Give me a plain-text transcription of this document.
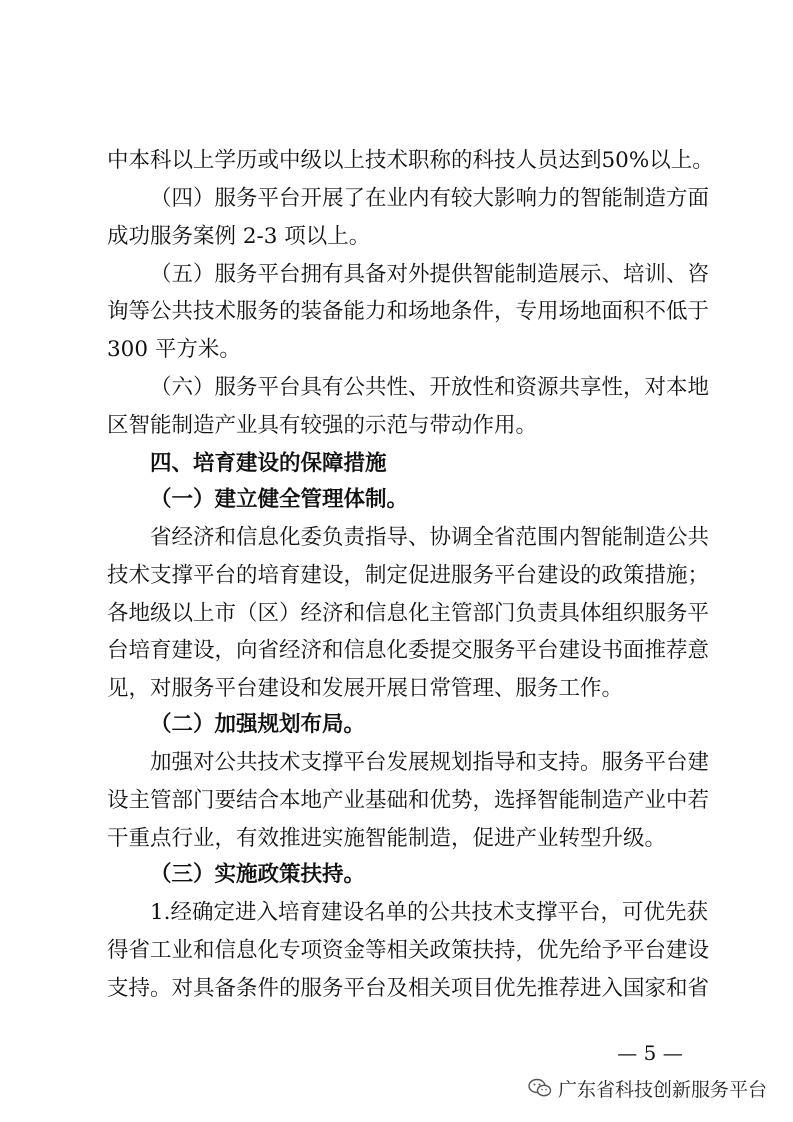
中本科以上学历或中级以上技术职称的科技人员达到50%以上。
（四）服务平台开展了在业内有较大影响力的智能制造方面
成功服务案例 2-3 项以上。
（五）服务平台拥有具备对外提供智能制造展示、培训、咨
询等公共技术服务的装备能力和场地条件，专用场地面积不低于
300 平方米。
（六）服务平台具有公共性、开放性和资源共享性，对本地
区智能制造产业具有较强的示范与带动作用。
四、培育建设的保障措施
（一）建立健全管理体制。
省经济和信息化委负责指导、协调全省范围内智能制造公共
技术支撑平台的培育建设，制定促进服务平台建设的政策措施；
各地级以上市（区）经济和信息化主管部门负责具体组织服务平
台培育建设，向省经济和信息化委提交服务平台建设书面推荐意
见，对服务平台建设和发展开展日常管理、服务工作。
（二）加强规划布局。
加强对公共技术支撑平台发展规划指导和支持。服务平台建
设主管部门要结合本地产业基础和优势，选择智能制造产业中若
干重点行业，有效推进实施智能制造，促进产业转型升级。
（三）实施政策扶持。
1.经确定进入培育建设名单的公共技术支撑平台，可优先获
得省工业和信息化专项资金等相关政策扶持，优先给予平台建设
支持。对具备条件的服务平台及相关项目优先推荐进入国家和省
— 5 —
广东省科技创新服务平台
